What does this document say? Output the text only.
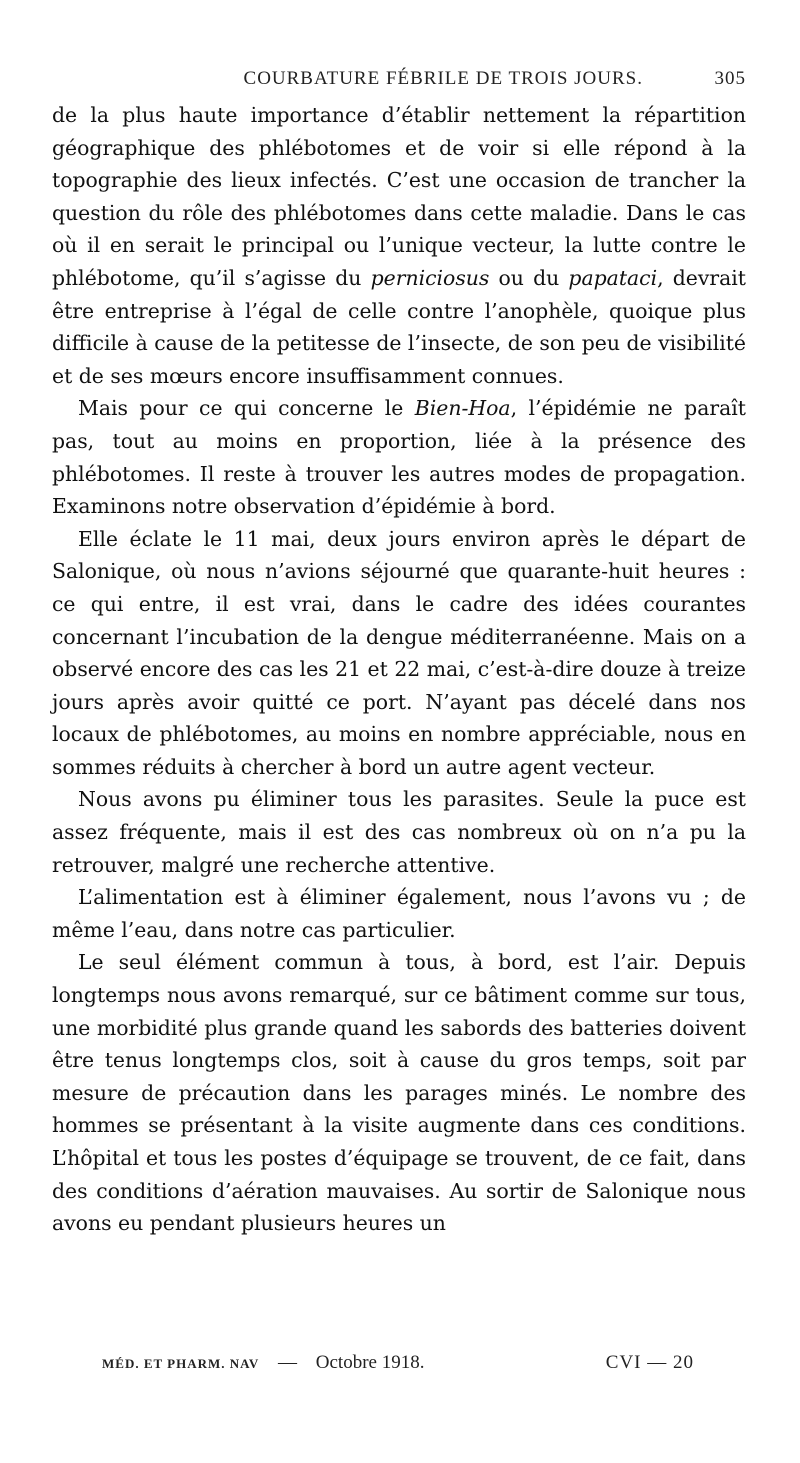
COURBATURE FÉBRILE DE TROIS JOURS.	305

de la plus haute importance d’établir nettement la répartition géographique des phlébotomes et de voir si elle répond à la topographie des lieux infectés. C’est une occasion de trancher la question du rôle des phlébotomes dans cette maladie. Dans le cas où il en serait le principal ou l’unique vecteur, la lutte contre le phlébotome, qu’il s’agisse du perniciosus ou du papataci, devrait être entreprise à l’égal de celle contre l’anophèle, quoique plus difficile à cause de la petitesse de l’insecte, de son peu de visibilité et de ses mœurs encore insuffisamment connues.

Mais pour ce qui concerne le Bien-Hoa, l’épidémie ne paraît pas, tout au moins en proportion, liée à la présence des phlébotomes. Il reste à trouver les autres modes de propagation. Examinons notre observation d’épidémie à bord.

Elle éclate le 11 mai, deux jours environ après le départ de Salonique, où nous n’avions séjourné que quarante-huit heures : ce qui entre, il est vrai, dans le cadre des idées courantes concernant l’incubation de la dengue méditerranéenne. Mais on a observé encore des cas les 21 et 22 mai, c’est-à-dire douze à treize jours après avoir quitté ce port. N’ayant pas décelé dans nos locaux de phlébotomes, au moins en nombre appréciable, nous en sommes réduits à chercher à bord un autre agent vecteur.

Nous avons pu éliminer tous les parasites. Seule la puce est assez fréquente, mais il est des cas nombreux où on n’a pu la retrouver, malgré une recherche attentive.

L’alimentation est à éliminer également, nous l’avons vu ; de même l’eau, dans notre cas particulier.

Le seul élément commun à tous, à bord, est l’air. Depuis longtemps nous avons remarqué, sur ce bâtiment comme sur tous, une morbidité plus grande quand les sabords des batteries doivent être tenus longtemps clos, soit à cause du gros temps, soit par mesure de précaution dans les parages minés. Le nombre des hommes se présentant à la visite augmente dans ces conditions. L’hôpital et tous les postes d’équipage se trouvent, de ce fait, dans des conditions d’aération mauvaises. Au sortir de Salonique nous avons eu pendant plusieurs heures un

MÉD. ET PHARM. NAV — Octobre 1918.	CVI — 20
